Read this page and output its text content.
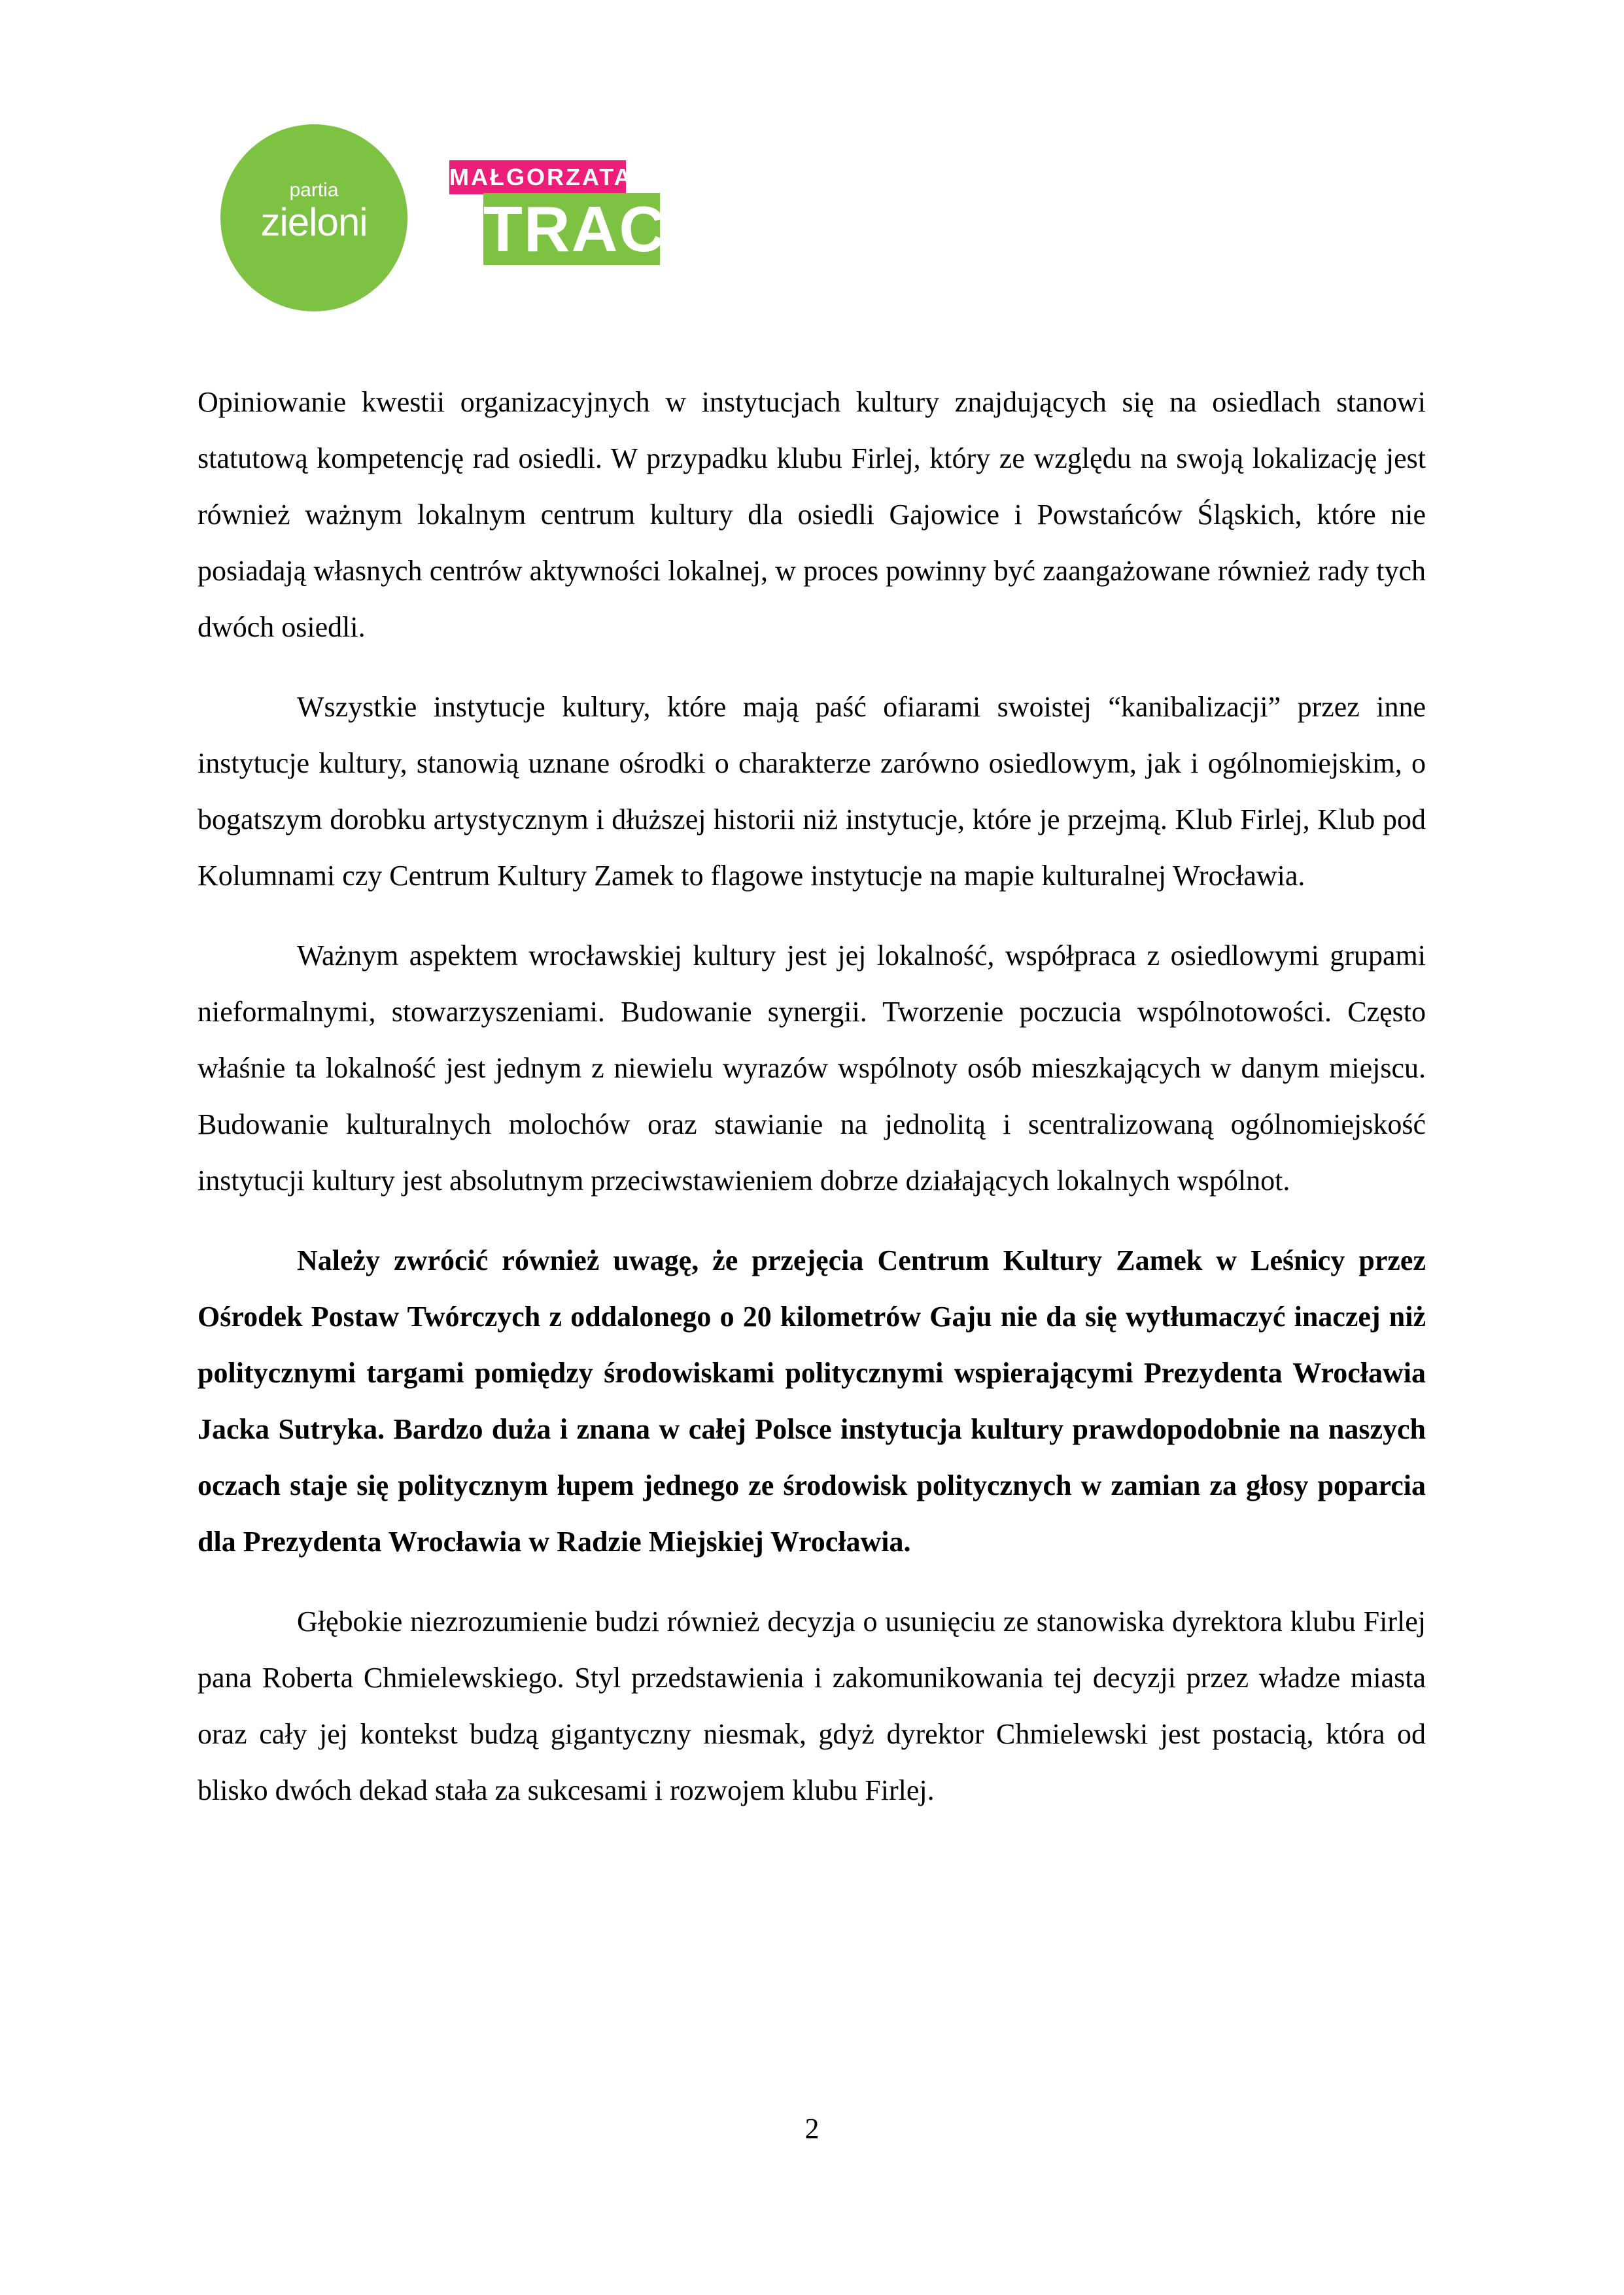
partia
zieloni
MAŁGORZATA
TRACZ

Opiniowanie kwestii organizacyjnych w instytucjach kultury znajdujących się na osiedlach stanowi statutową kompetencję rad osiedli. W przypadku klubu Firlej, który ze względu na swoją lokalizację jest również ważnym lokalnym centrum kultury dla osiedli Gajowice i Powstańców Śląskich, które nie posiadają własnych centrów aktywności lokalnej, w proces powinny być zaangażowane również rady tych dwóch osiedli.

Wszystkie instytucje kultury, które mają paść ofiarami swoistej “kanibalizacji” przez inne instytucje kultury, stanowią uznane ośrodki o charakterze zarówno osiedlowym, jak i ogólnomiejskim, o bogatszym dorobku artystycznym i dłuższej historii niż instytucje, które je przejmą. Klub Firlej, Klub pod Kolumnami czy Centrum Kultury Zamek to flagowe instytucje na mapie kulturalnej Wrocławia.

Ważnym aspektem wrocławskiej kultury jest jej lokalność, współpraca z osiedlowymi grupami nieformalnymi, stowarzyszeniami. Budowanie synergii. Tworzenie poczucia wspólnotowości. Często właśnie ta lokalność jest jednym z niewielu wyrazów wspólnoty osób mieszkających w danym miejscu. Budowanie kulturalnych molochów oraz stawianie na jednolitą i scentralizowaną ogólnomiejskość instytucji kultury jest absolutnym przeciwstawieniem dobrze działających lokalnych wspólnot.

Należy zwrócić również uwagę, że przejęcia Centrum Kultury Zamek w Leśnicy przez Ośrodek Postaw Twórczych z oddalonego o 20 kilometrów Gaju nie da się wytłumaczyć inaczej niż politycznymi targami pomiędzy środowiskami politycznymi wspierającymi Prezydenta Wrocławia Jacka Sutryka. Bardzo duża i znana w całej Polsce instytucja kultury prawdopodobnie na naszych oczach staje się politycznym łupem jednego ze środowisk politycznych w zamian za głosy poparcia dla Prezydenta Wrocławia w Radzie Miejskiej Wrocławia.

Głębokie niezrozumienie budzi również decyzja o usunięciu ze stanowiska dyrektora klubu Firlej pana Roberta Chmielewskiego. Styl przedstawienia i zakomunikowania tej decyzji przez władze miasta oraz cały jej kontekst budzą gigantyczny niesmak, gdyż dyrektor Chmielewski jest postacią, która od blisko dwóch dekad stała za sukcesami i rozwojem klubu Firlej.

2
